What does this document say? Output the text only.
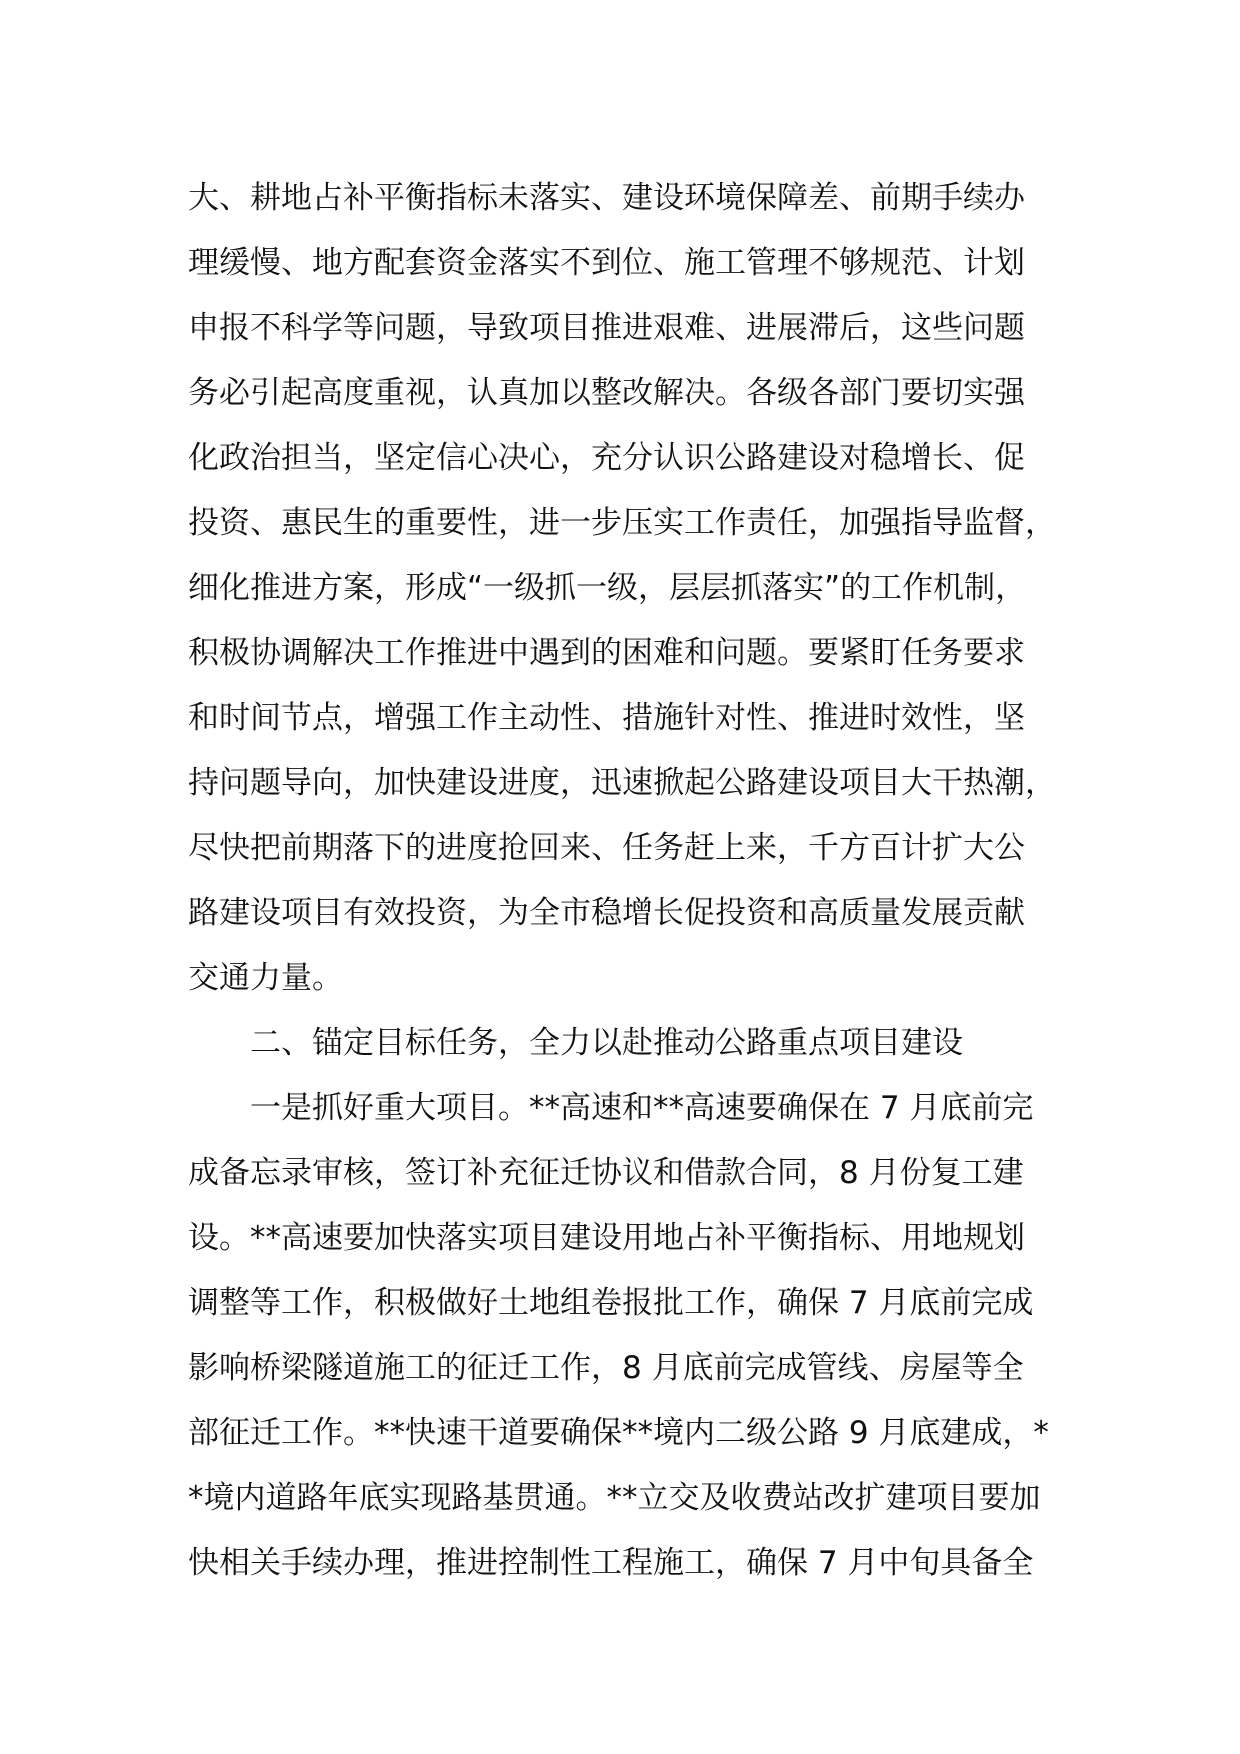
大、耕地占补平衡指标未落实、建设环境保障差、前期手续办
理缓慢、地方配套资金落实不到位、施工管理不够规范、计划
申报不科学等问题，导致项目推进艰难、进展滞后，这些问题
务必引起高度重视，认真加以整改解决。各级各部门要切实强
化政治担当，坚定信心决心，充分认识公路建设对稳增长、促
投资、惠民生的重要性，进一步压实工作责任，加强指导监督，
细化推进方案，形成“一级抓一级，层层抓落实”的工作机制，
积极协调解决工作推进中遇到的困难和问题。要紧盯任务要求
和时间节点，增强工作主动性、措施针对性、推进时效性，坚
持问题导向，加快建设进度，迅速掀起公路建设项目大干热潮，
尽快把前期落下的进度抢回来、任务赶上来，千方百计扩大公
路建设项目有效投资，为全市稳增长促投资和高质量发展贡献
交通力量。
二、锚定目标任务，全力以赴推动公路重点项目建设
一是抓好重大项目。**高速和**高速要确保在 7 月底前完
成备忘录审核，签订补充征迁协议和借款合同，8 月份复工建
设。**高速要加快落实项目建设用地占补平衡指标、用地规划
调整等工作，积极做好土地组卷报批工作，确保 7 月底前完成
影响桥梁隧道施工的征迁工作，8 月底前完成管线、房屋等全
部征迁工作。**快速干道要确保**境内二级公路 9 月底建成，*
*境内道路年底实现路基贯通。**立交及收费站改扩建项目要加
快相关手续办理，推进控制性工程施工，确保 7 月中旬具备全
